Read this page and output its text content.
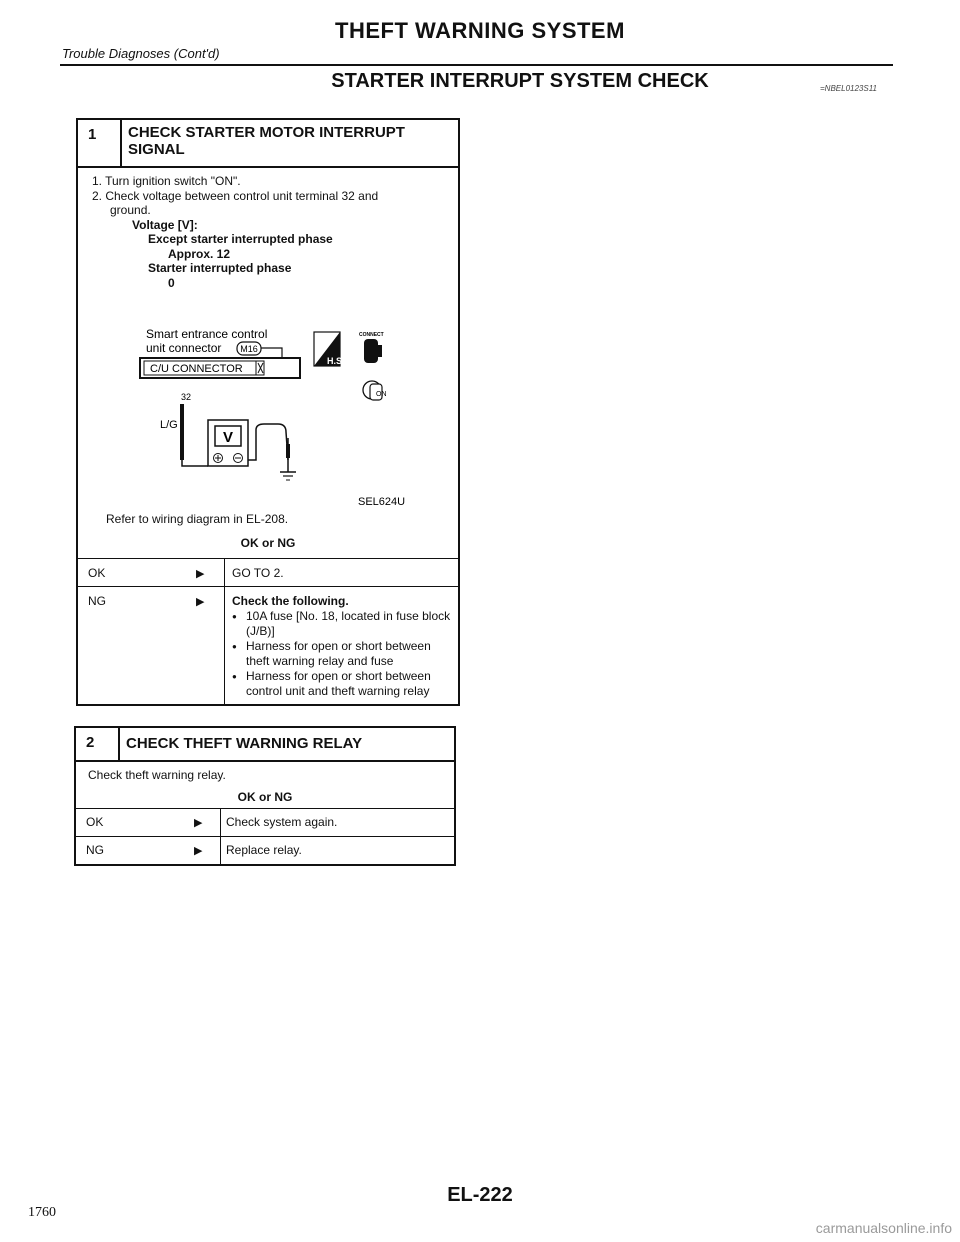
THEFT WARNING SYSTEM
Trouble Diagnoses (Cont'd)
STARTER INTERRUPT SYSTEM CHECK	=NBEL0123S11
1 CHECK STARTER MOTOR INTERRUPT SIGNAL
1. Turn ignition switch "ON".
2. Check voltage between control unit terminal 32 and
ground.
Voltage [V]:
Except starter interrupted phase
Approx. 12
Starter interrupted phase
0
Smart entrance control
unit connector M16
C/U CONNECTOR
32
L/G
V
H.S.
CONNECT
ON
SEL624U
Refer to wiring diagram in EL-208.
OK or NG
OK	▶ GO TO 2.
NG	▶ Check the following.
● 10A fuse [No. 18, located in fuse block (J/B)]
● Harness for open or short between theft warning relay and fuse
● Harness for open or short between control unit and theft warning relay
2 CHECK THEFT WARNING RELAY
Check theft warning relay.
OK or NG
OK	▶ Check system again.
NG	▶ Replace relay.
EL-222
1760
carmanualsonline.info
